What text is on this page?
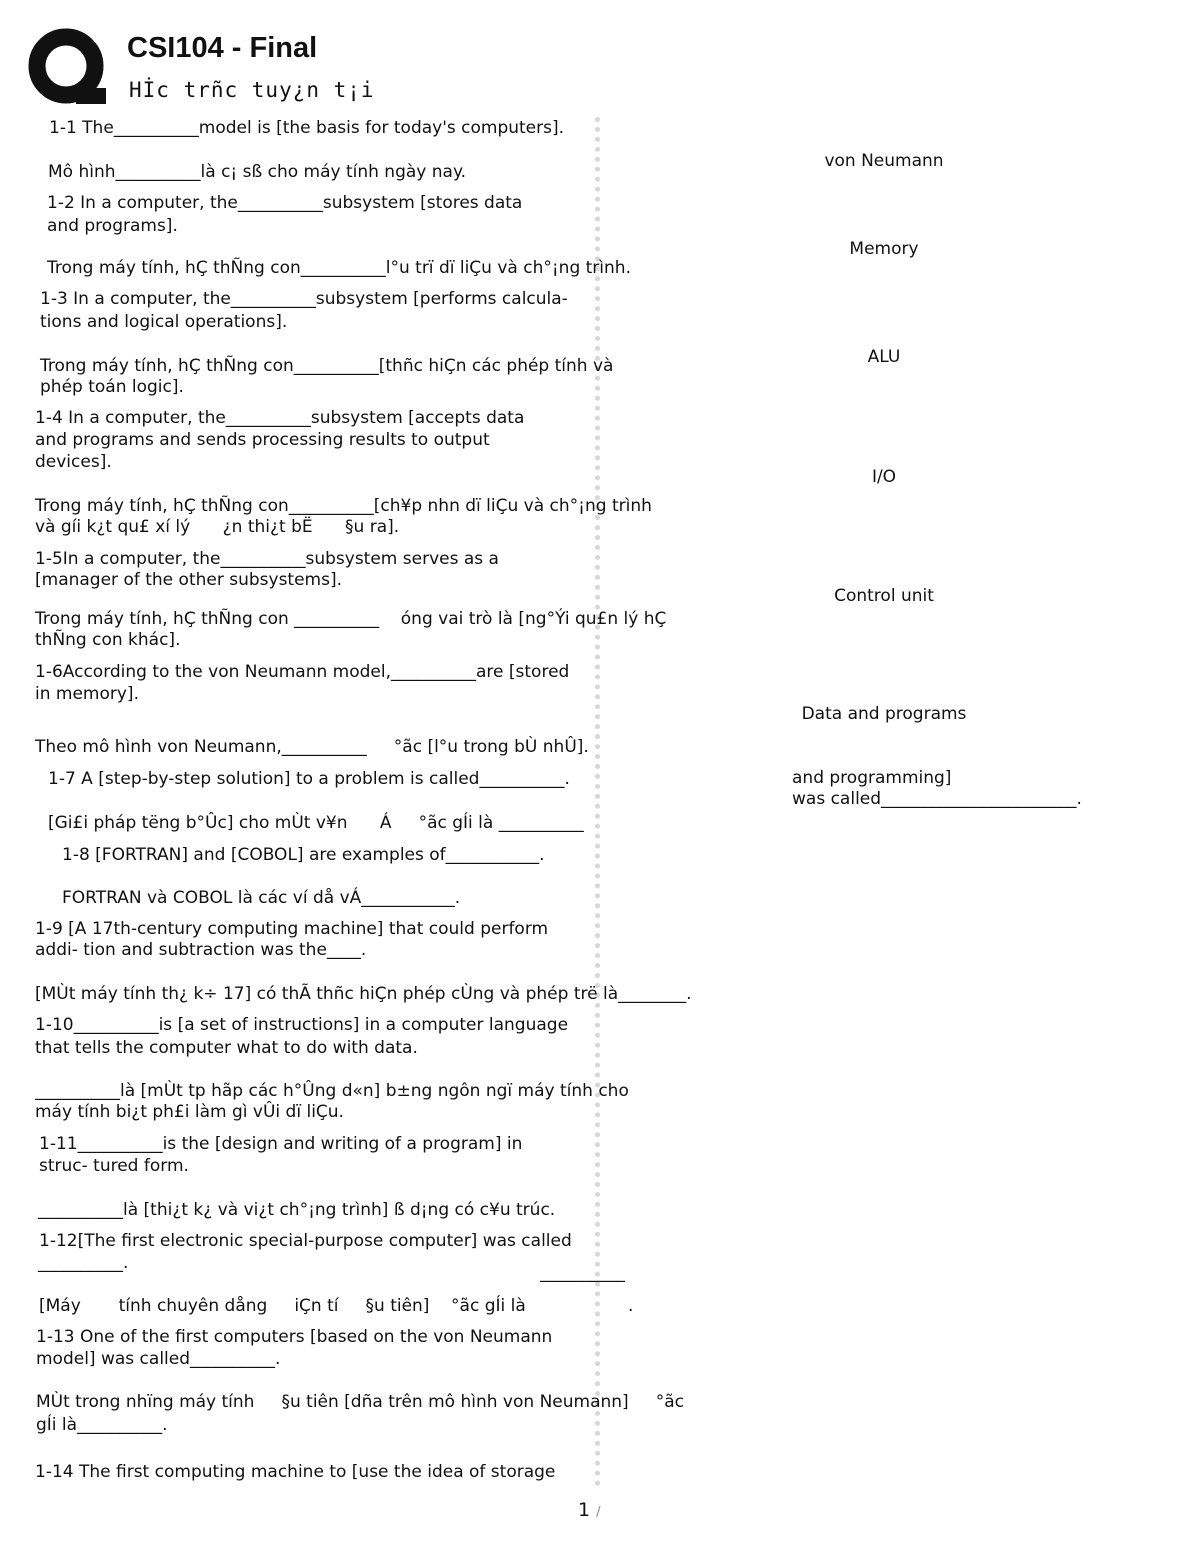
CSI104 - Final

Hİc trñc tuy¿n t¡i

1-1 The__________model is [the basis for today's computers].

Mô hình__________là c¡ sß cho máy tính ngày nay.

1-2 In a computer, the__________subsystem [stores data

and programs].

Trong máy tính, hÇ thÑng con__________l°u trï dï liÇu và ch°¡ng trình.

1-3 In a computer, the__________subsystem [performs calcula-

tions and logical operations].

Trong máy tính, hÇ thÑng con__________[thñc hiÇn các phép tính và

phép toán logic].

1-4 In a computer, the__________subsystem [accepts data

and programs and sends processing results to output

devices].

Trong máy tính, hÇ thÑng con__________[ch¥p nhn dï liÇu và ch°¡ng trình

và gíi k¿t qu£ xí lý      ¿n thi¿t bË      §u ra].

1-5In a computer, the__________subsystem serves as a

[manager of the other subsystems].

Trong máy tính, hÇ thÑng con __________    óng vai trò là [ng°Ýi qu£n lý hÇ

thÑng con khác].

1-6According to the von Neumann model,__________are [stored

in memory].

Theo mô hình von Neumann,__________     °ãc [l°u trong bÙ nhÛ].

1-7 A [step-by-step solution] to a problem is called__________.

[Gi£i pháp tëng b°Ûc] cho mÙt v¥n      Á     °ãc gÍi là __________

1-8 [FORTRAN] and [COBOL] are examples of___________.

FORTRAN và COBOL là các ví då vÁ___________.

1-9 [A 17th-century computing machine] that could perform

addi- tion and subtraction was the____.

[MÙt máy tính th¿ k÷ 17] có thÃ thñc hiÇn phép cÙng và phép trë là________.

1-10__________is [a set of instructions] in a computer language

that tells the computer what to do with data.

__________là [mÙt tp hãp các h°Ûng d«n] b±ng ngôn ngï máy tính cho

máy tính bi¿t ph£i làm gì vÛi dï liÇu.

1-11__________is the [design and writing of a program] in

struc- tured form.

__________là [thi¿t k¿ và vi¿t ch°¡ng trình] ß d¡ng có c¥u trúc.

1-12[The first electronic special-purpose computer] was called

__________.	__________

[Máy       tính chuyên dång     iÇn tí     §u tiên]    °ãc gÍi là	.

1-13 One of the first computers [based on the von Neumann

model] was called__________.

MÙt trong nhïng máy tính     §u tiên [dña trên mô hình von Neumann]     °ãc

gÍi là__________.

1-14 The first computing machine to [use the idea of storage

von Neumann
Memory
ALU
I/O
Control unit
Data and programs
and programming]
was called_______________________.
1 /
